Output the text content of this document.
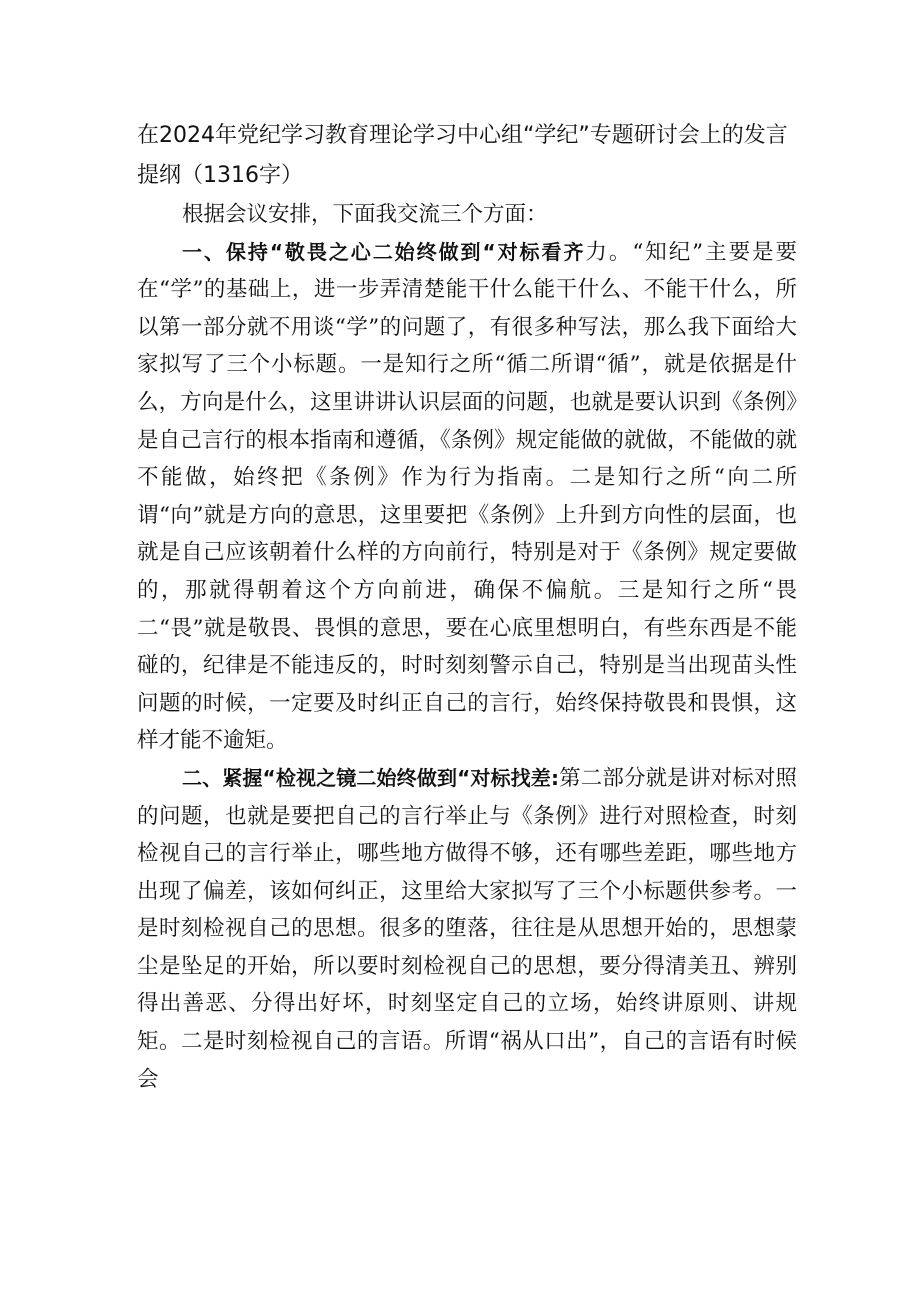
在2024年党纪学习教育理论学习中心组“学纪”专题研讨会上的发言提纲（1316字）

根据会议安排，下面我交流三个方面：

一、保持“敬畏之心二始终做到“对标看齐力。“知纪”主要是要在“学”的基础上，进一步弄清楚能干什么能干什么、不能干什么，所以第一部分就不用谈“学”的问题了，有很多种写法，那么我下面给大家拟写了三个小标题。一是知行之所“循二所谓“循”，就是依据是什么，方向是什么，这里讲讲认识层面的问题，也就是要认识到《条例》是自己言行的根本指南和遵循，《条例》规定能做的就做，不能做的就不能做，始终把《条例》作为行为指南。二是知行之所“向二所谓“向”就是方向的意思，这里要把《条例》上升到方向性的层面，也就是自己应该朝着什么样的方向前行，特别是对于《条例》规定要做的，那就得朝着这个方向前进，确保不偏航。三是知行之所“畏二“畏”就是敬畏、畏惧的意思，要在心底里想明白，有些东西是不能碰的，纪律是不能违反的，时时刻刻警示自己，特别是当出现苗头性问题的时候，一定要及时纠正自己的言行，始终保持敬畏和畏惧，这样才能不逾矩。

二、紧握“检视之镜二始终做到“对标找差:第二部分就是讲对标对照的问题，也就是要把自己的言行举止与《条例》进行对照检查，时刻检视自己的言行举止，哪些地方做得不够，还有哪些差距，哪些地方出现了偏差，该如何纠正，这里给大家拟写了三个小标题供参考。一是时刻检视自己的思想。很多的堕落，往往是从思想开始的，思想蒙尘是坠足的开始，所以要时刻检视自己的思想，要分得清美丑、辨别得出善恶、分得出好坏，时刻坚定自己的立场，始终讲原则、讲规矩。二是时刻检视自己的言语。所谓“祸从口出”，自己的言语有时候会
